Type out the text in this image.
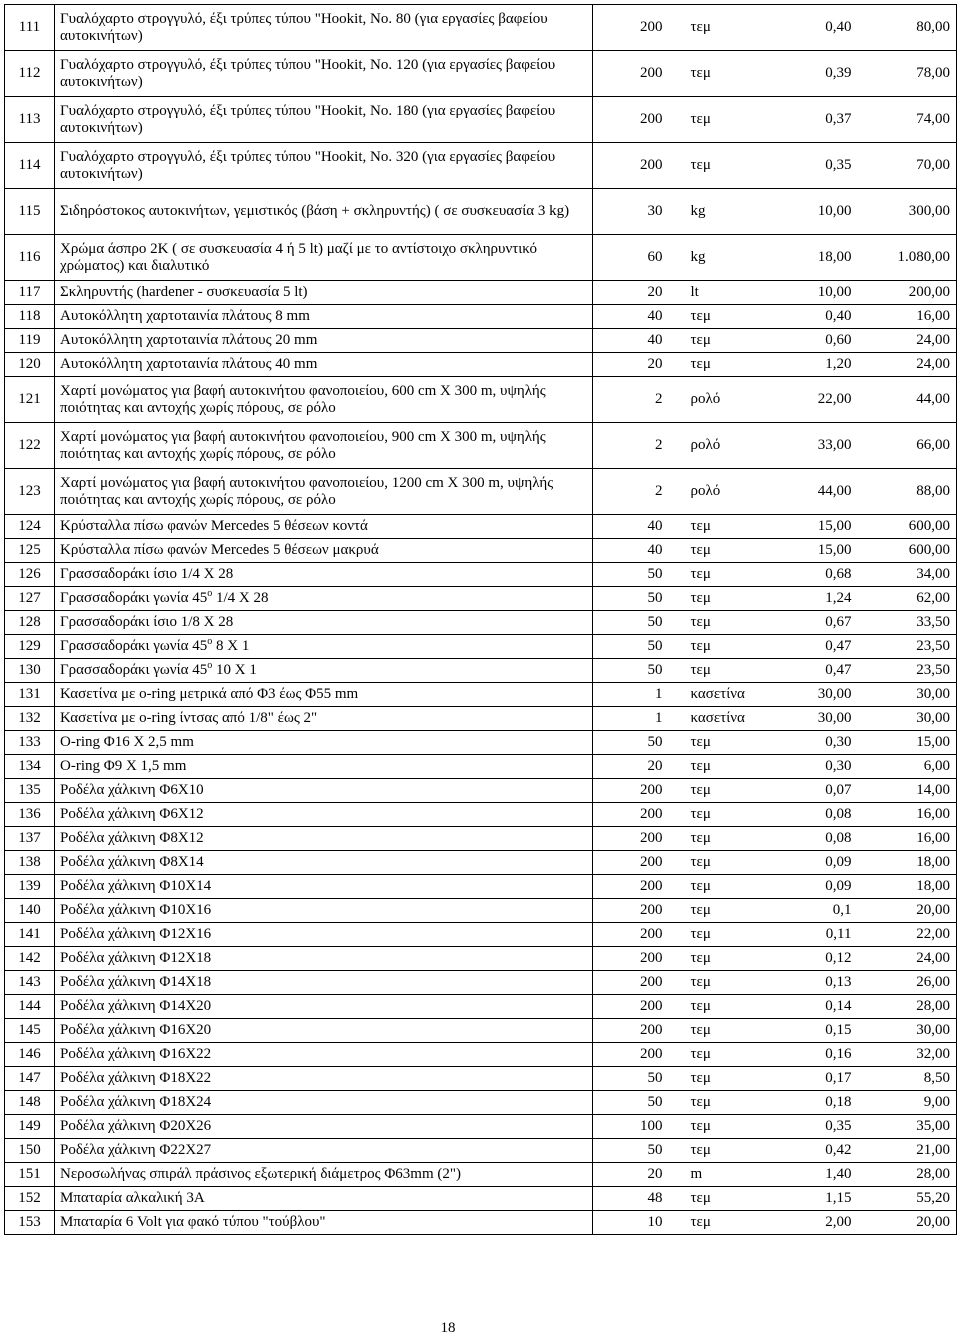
111	Γυαλόχαρτο στρογγυλό, έξι τρύπες τύπου "Hookit, No. 80 (για εργασίες βαφείου αυτοκινήτων)	200	τεμ	0,40	80,00
112	Γυαλόχαρτο στρογγυλό, έξι τρύπες τύπου "Hookit, No. 120 (για εργασίες βαφείου αυτοκινήτων)	200	τεμ	0,39	78,00
113	Γυαλόχαρτο στρογγυλό, έξι τρύπες τύπου "Hookit, No. 180 (για εργασίες βαφείου αυτοκινήτων)	200	τεμ	0,37	74,00
114	Γυαλόχαρτο στρογγυλό, έξι τρύπες τύπου "Hookit, No. 320 (για εργασίες βαφείου αυτοκινήτων)	200	τεμ	0,35	70,00
115	Σιδηρόστοκος αυτοκινήτων, γεμιστικός (βάση + σκληρυντής) ( σε συσκευασία 3 kg)	30	kg	10,00	300,00
116	Χρώμα άσπρο 2Κ ( σε συσκευασία 4 ή 5 lt) μαζί με το αντίστοιχο σκληρυντικό χρώματος) και διαλυτικό	60	kg	18,00	1.080,00
117	Σκληρυντής (hardener - συσκευασία 5 lt)	20	lt	10,00	200,00
118	Αυτοκόλλητη χαρτοταινία πλάτους 8 mm	40	τεμ	0,40	16,00
119	Αυτοκόλλητη χαρτοταινία πλάτους 20 mm	40	τεμ	0,60	24,00
120	Αυτοκόλλητη χαρτοταινία πλάτους 40 mm	20	τεμ	1,20	24,00
121	Χαρτί μονώματος για βαφή αυτοκινήτου φανοποιείου, 600 cm X 300 m, υψηλής ποιότητας και αντοχής χωρίς πόρους, σε ρόλο	2	ρολό	22,00	44,00
122	Χαρτί μονώματος για βαφή αυτοκινήτου φανοποιείου, 900 cm X 300 m, υψηλής ποιότητας και αντοχής χωρίς πόρους, σε ρόλο	2	ρολό	33,00	66,00
123	Χαρτί μονώματος για βαφή αυτοκινήτου φανοποιείου, 1200 cm X 300 m, υψηλής ποιότητας και αντοχής χωρίς πόρους, σε ρόλο	2	ρολό	44,00	88,00
124	Κρύσταλλα πίσω φανών Mercedes 5 θέσεων κοντά	40	τεμ	15,00	600,00
125	Κρύσταλλα πίσω φανών Mercedes 5 θέσεων μακρυά	40	τεμ	15,00	600,00
126	Γρασσαδοράκι ίσιο 1/4 X 28	50	τεμ	0,68	34,00
127	Γρασσαδοράκι γωνία 45$^o$ 1/4 X 28	50	τεμ	1,24	62,00
128	Γρασσαδοράκι ίσιο 1/8 X 28	50	τεμ	0,67	33,50
129	Γρασσαδοράκι γωνία 45$^o$ 8 X 1	50	τεμ	0,47	23,50
130	Γρασσαδοράκι γωνία 45$^o$ 10 X 1	50	τεμ	0,47	23,50
131	Κασετίνα με o-ring μετρικά από Φ3 έως Φ55 mm	1	κασετίνα	30,00	30,00
132	Κασετίνα με o-ring ίντσας από 1/8" έως 2"	1	κασετίνα	30,00	30,00
133	O-ring Φ16 X 2,5 mm	50	τεμ	0,30	15,00
134	O-ring Φ9 X 1,5 mm	20	τεμ	0,30	6,00
135	Ροδέλα χάλκινη Φ6X10	200	τεμ	0,07	14,00
136	Ροδέλα χάλκινη Φ6X12	200	τεμ	0,08	16,00
137	Ροδέλα χάλκινη Φ8X12	200	τεμ	0,08	16,00
138	Ροδέλα χάλκινη Φ8X14	200	τεμ	0,09	18,00
139	Ροδέλα χάλκινη Φ10X14	200	τεμ	0,09	18,00
140	Ροδέλα χάλκινη Φ10X16	200	τεμ	0,1	20,00
141	Ροδέλα χάλκινη Φ12X16	200	τεμ	0,11	22,00
142	Ροδέλα χάλκινη Φ12X18	200	τεμ	0,12	24,00
143	Ροδέλα χάλκινη Φ14X18	200	τεμ	0,13	26,00
144	Ροδέλα χάλκινη Φ14X20	200	τεμ	0,14	28,00
145	Ροδέλα χάλκινη Φ16X20	200	τεμ	0,15	30,00
146	Ροδέλα χάλκινη Φ16X22	200	τεμ	0,16	32,00
147	Ροδέλα χάλκινη Φ18X22	50	τεμ	0,17	8,50
148	Ροδέλα χάλκινη Φ18X24	50	τεμ	0,18	9,00
149	Ροδέλα χάλκινη Φ20X26	100	τεμ	0,35	35,00
150	Ροδέλα χάλκινη Φ22X27	50	τεμ	0,42	21,00
151	Νεροσωλήνας σπιράλ πράσινος εξωτερική διάμετρος Φ63mm (2")	20	m	1,40	28,00
152	Μπαταρία αλκαλική 3Α	48	τεμ	1,15	55,20
153	Μπαταρία 6 Volt για φακό τύπου "τούβλου"	10	τεμ	2,00	20,00
18
